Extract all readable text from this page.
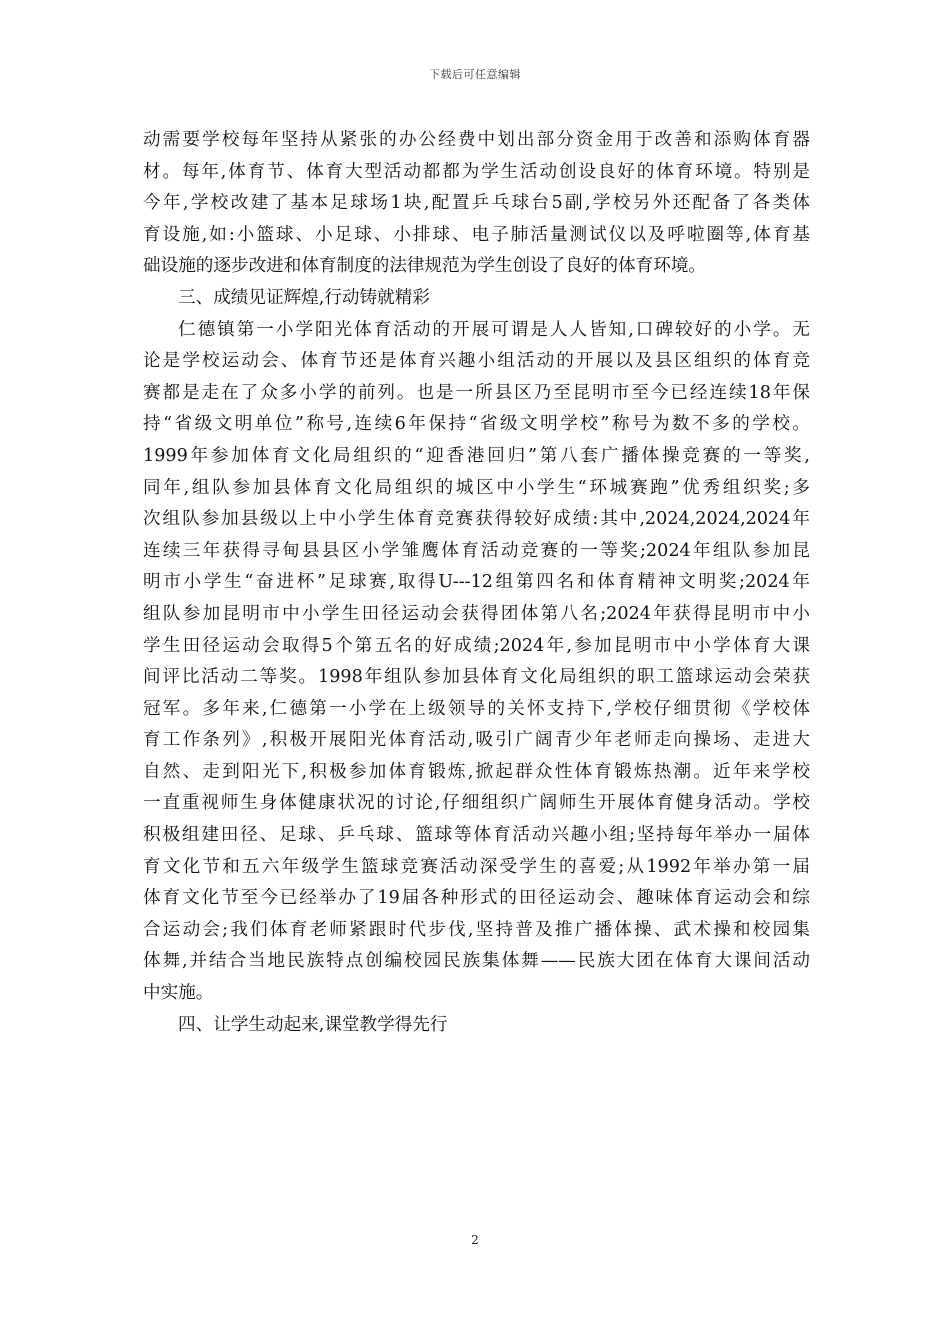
下载后可任意编辑
动需要学校每年坚持从紧张的办公经费中划出部分资金用于改善和添购体育器
材。每年,体育节、体育大型活动都都为学生活动创设良好的体育环境。特别是
今年,学校改建了基本足球场1块,配置乒乓球台5副,学校另外还配备了各类体
育设施,如:小篮球、小足球、小排球、电子肺活量测试仪以及呼啦圈等,体育基
础设施的逐步改进和体育制度的法律规范为学生创设了良好的体育环境。
三、成绩见证辉煌,行动铸就精彩
仁德镇第一小学阳光体育活动的开展可谓是人人皆知,口碑较好的小学。无
论是学校运动会、体育节还是体育兴趣小组活动的开展以及县区组织的体育竞
赛都是走在了众多小学的前列。也是一所县区乃至昆明市至今已经连续18年保
持“省级文明单位”称号,连续6年保持“省级文明学校”称号为数不多的学校。
1999年参加体育文化局组织的“迎香港回归”第八套广播体操竞赛的一等奖,
同年,组队参加县体育文化局组织的城区中小学生“环城赛跑”优秀组织奖;多
次组队参加县级以上中小学生体育竞赛获得较好成绩:其中,2024,2024,2024年
连续三年获得寻甸县县区小学雏鹰体育活动竞赛的一等奖;2024年组队参加昆
明市小学生“奋进杯”足球赛,取得U---12组第四名和体育精神文明奖;2024年
组队参加昆明市中小学生田径运动会获得团体第八名;2024年获得昆明市中小
学生田径运动会取得5个第五名的好成绩;2024年,参加昆明市中小学体育大课
间评比活动二等奖。1998年组队参加县体育文化局组织的职工篮球运动会荣获
冠军。多年来,仁德第一小学在上级领导的关怀支持下,学校仔细贯彻《学校体
育工作条列》,积极开展阳光体育活动,吸引广阔青少年老师走向操场、走进大
自然、走到阳光下,积极参加体育锻炼,掀起群众性体育锻炼热潮。近年来学校
一直重视师生身体健康状况的讨论,仔细组织广阔师生开展体育健身活动。学校
积极组建田径、足球、乒乓球、篮球等体育活动兴趣小组;坚持每年举办一届体
育文化节和五六年级学生篮球竞赛活动深受学生的喜爱;从1992年举办第一届
体育文化节至今已经举办了19届各种形式的田径运动会、趣味体育运动会和综
合运动会;我们体育老师紧跟时代步伐,坚持普及推广播体操、武术操和校园集
体舞,并结合当地民族特点创编校园民族集体舞——民族大团在体育大课间活动
中实施。
四、让学生动起来,课堂教学得先行
2
